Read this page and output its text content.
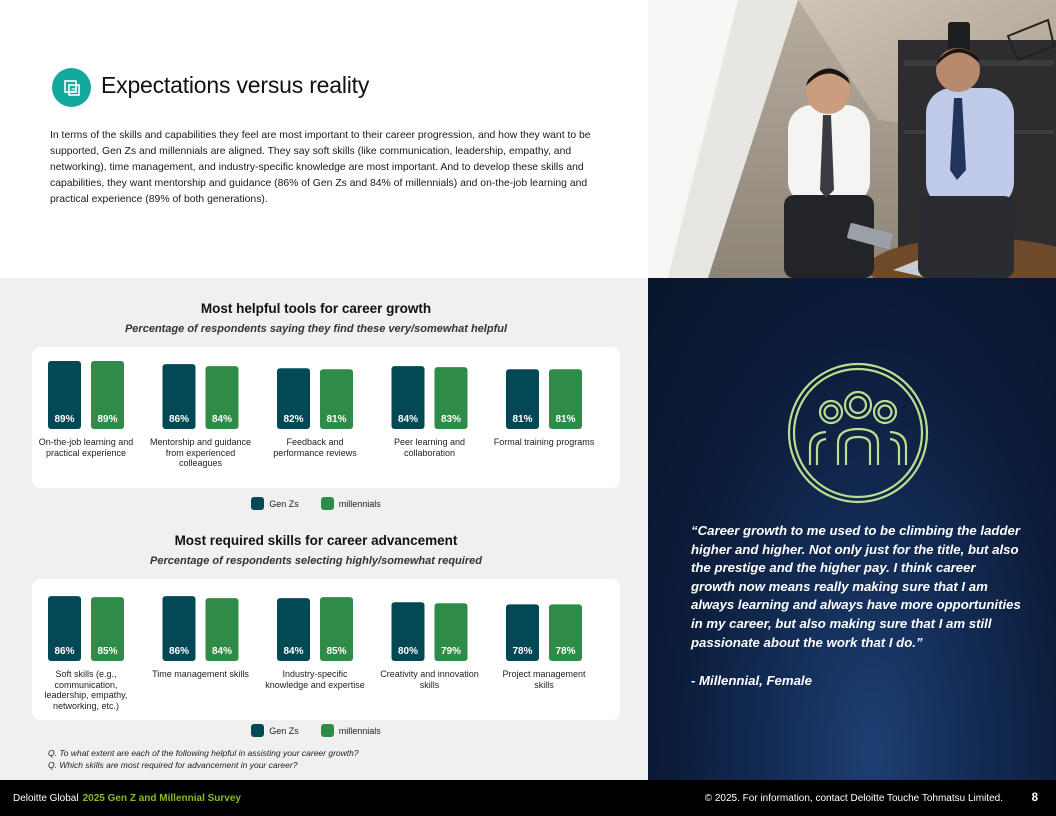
Expectations versus reality

In terms of the skills and capabilities they feel are most important to their career progression, and how they want to be supported, Gen Zs and millennials are aligned. They say soft skills (like communication, leadership, empathy, and networking), time management, and industry-specific knowledge are most important. And to develop these skills and capabilities, they want mentorship and guidance (86% of Gen Zs and 84% of millennials) and on-the-job learning and practical experience (89% of both generations).

Most helpful tools for career growth

Percentage of respondents saying they find these very/somewhat helpful

89% 89%	86% 84%	82% 81%	84% 83%	81% 81%
On-the-job learning and practical experience
Mentorship and guidance from experienced colleagues
Feedback and performance reviews
Peer learning and collaboration
Formal training programs
Gen Zs	millennials
Most required skills for career advancement

Percentage of respondents selecting highly/somewhat required

86% 85%	86% 84%	84% 85%	80% 79%	78% 78%
Soft skills (e.g., communication, leadership, empathy, networking, etc.)
Time management skills	Industry-specific knowledge and expertise
Creativity and innovation skills
Project management skills
Gen Zs	millennials
Q. To what extent are each of the following helpful in assisting your career growth?
Q. Which skills are most required for advancement in your career?

“Career growth to me used to be climbing the ladder higher and higher. Not only just for the title, but also the prestige and the higher pay. I think career growth now means really making sure that I am always learning and always have more opportunities in my career, but also making sure that I am still passionate about the work that I do.”

- Millennial, Female

Deloitte Global 2025 Gen Z and Millennial Survey	© 2025. For information, contact Deloitte Touche Tohmatsu Limited. 8
